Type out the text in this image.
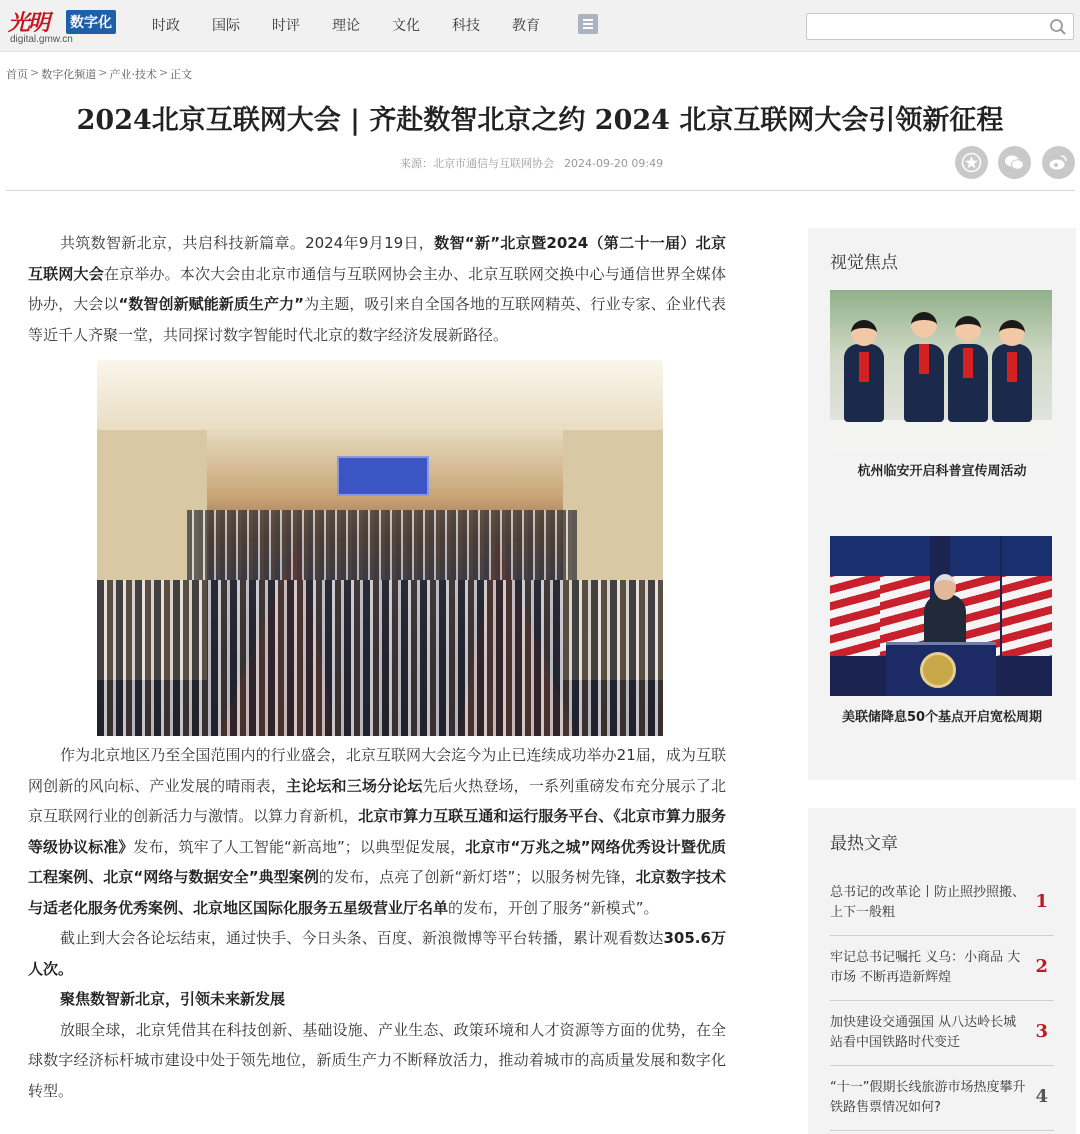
光明 数字化
digital.gmw.cn
时政 国际 时评 理论 文化 科技 教育
首页 > 数字化频道 > 产业·技术 > 正文
2024北京互联网大会 | 齐赴数智北京之约 2024 北京互联网大会引领新征程
来源：北京市通信与互联网协会 2024-09-20 09:49

共筑数智新北京，共启科技新篇章。2024年9月19日，数智“新”北京暨2024（第二十一届）北京互联网大会在京举办。本次大会由北京市通信与互联网协会主办、北京互联网交换中心与通信世界全媒体协办，大会以“数智创新赋能新质生产力”为主题，吸引来自全国各地的互联网精英、行业专家、企业代表等近千人齐聚一堂，共同探讨数字智能时代北京的数字经济发展新路径。

作为北京地区乃至全国范围内的行业盛会，北京互联网大会迄今为止已连续成功举办21届，成为互联网创新的风向标、产业发展的晴雨表，主论坛和三场分论坛先后火热登场，一系列重磅发布充分展示了北京互联网行业的创新活力与激情。以算力育新机，北京市算力互联互通和运行服务平台、《北京市算力服务等级协议标准》发布，筑牢了人工智能“新高地”；以典型促发展，北京市“万兆之城”网络优秀设计暨优质工程案例、北京“网络与数据安全”典型案例的发布，点亮了创新“新灯塔”；以服务树先锋，北京数字技术与适老化服务优秀案例、北京地区国际化服务五星级营业厅名单的发布，开创了服务“新模式”。

截止到大会各论坛结束，通过快手、今日头条、百度、新浪微博等平台转播，累计观看数达305.6万人次。

聚焦数智新北京，引领未来新发展

放眼全球，北京凭借其在科技创新、基础设施、产业生态、政策环境和人才资源等方面的优势，在全球数字经济标杆城市建设中处于领先地位，新质生产力不断释放活力，推动着城市的高质量发展和数字化转型。

视觉焦点
杭州临安开启科普宣传周活动
美联储降息50个基点开启宽松周期
最热文章
总书记的改革论丨防止照抄照搬、上下一般粗
1
牢记总书记嘱托 义乌：小商品 大市场 不断再造新辉煌
2
加快建设交通强国 从八达岭长城站看中国铁路时代变迁
3
“十一”假期长线旅游市场热度攀升 铁路售票情况如何?
4
